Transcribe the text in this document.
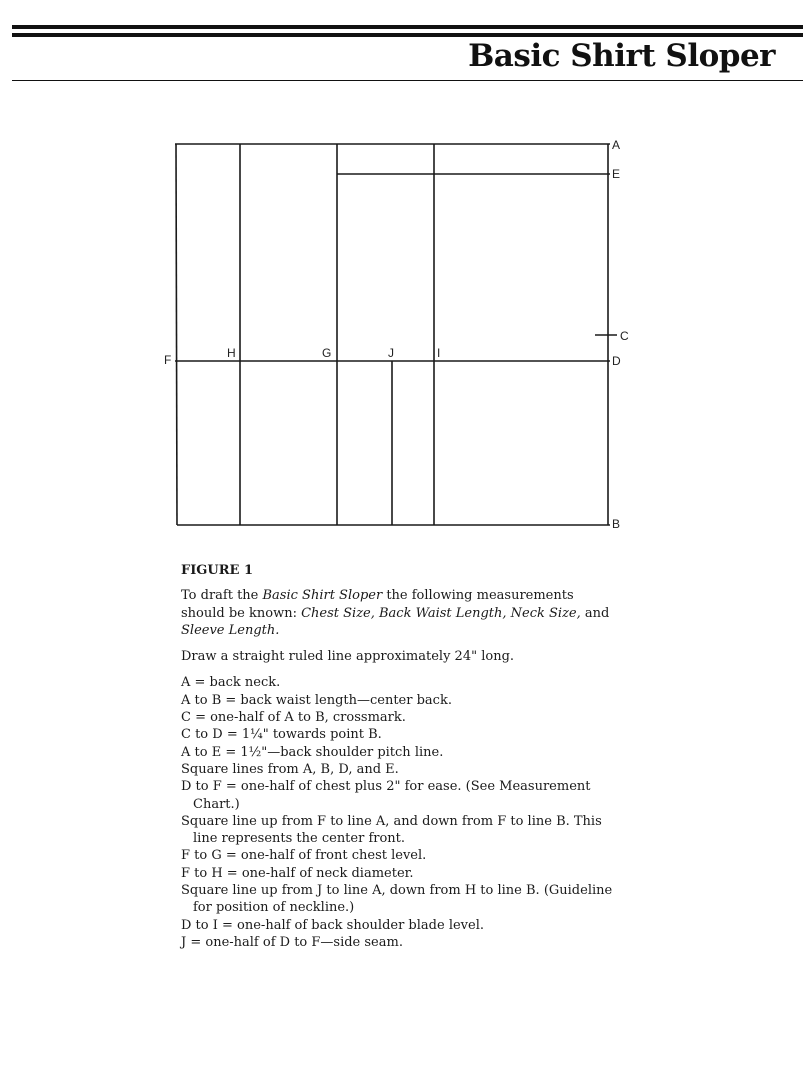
Basic Shirt Sloper
A
E
C
F	H	G	J	I
D
B
FIGURE 1

To draft the Basic Shirt Sloper the following measurements should be known: Chest Size, Back Waist Length, Neck Size, and Sleeve Length.

Draw a straight ruled line approximately 24" long.

A = back neck.
A to B = back waist length—center back.
C = one-half of A to B, crossmark.
C to D = 1¼" towards point B.
A to E = 1½"—back shoulder pitch line.
Square lines from A, B, D, and E.
D to F = one-half of chest plus 2" for ease. (See Measurement Chart.)
Square line up from F to line A, and down from F to line B. This line represents the center front.
F to G = one-half of front chest level.
F to H = one-half of neck diameter.
Square line up from J to line A, down from H to line B. (Guideline for position of neckline.)
D to I = one-half of back shoulder blade level.
J = one-half of D to F—side seam.
